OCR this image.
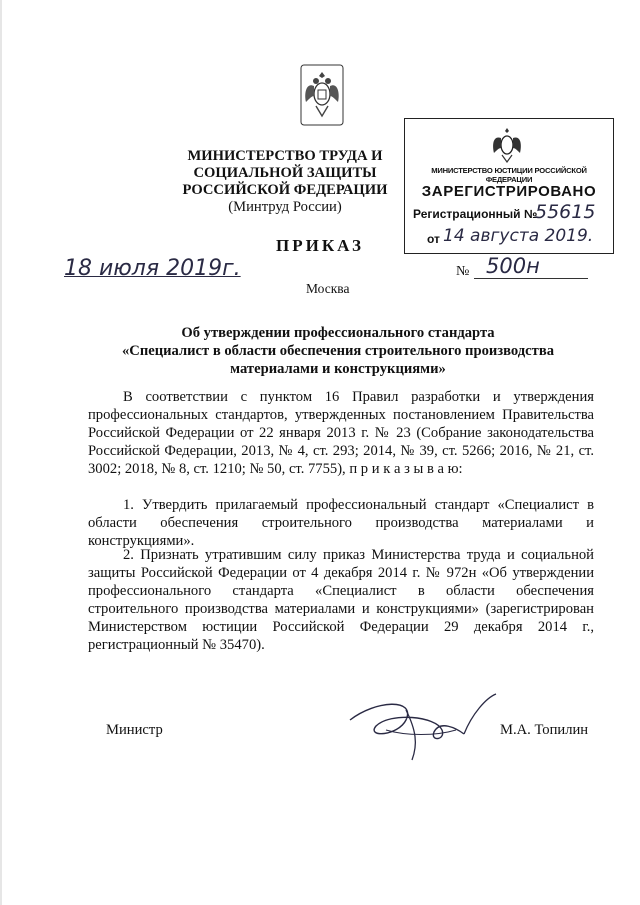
МИНИСТЕРСТВО ТРУДА И СОЦИАЛЬНОЙ ЗАЩИТЫ
РОССИЙСКОЙ ФЕДЕРАЦИИ
(Минтруд России)
МИНИСТЕРСТВО ЮСТИЦИИ РОССИЙСКОЙ ФЕДЕРАЦИИ
ЗАРЕГИСТРИРОВАНО
Регистрационный №
55615
от 14 августа 2019.
ПРИКАЗ
18 июля 2019г.	№ 500н
Москва
Об утверждении профессионального стандарта
«Специалист в области обеспечения строительного производства
материалами и конструкциями»
В соответствии с пунктом 16 Правил разработки и утверждения профессиональных стандартов, утвержденных постановлением Правительства Российской Федерации от 22 января 2013 г. № 23 (Собрание законодательства Российской Федерации, 2013, № 4, ст. 293; 2014, № 39, ст. 5266; 2016, № 21, ст. 3002; 2018, № 8, ст. 1210; № 50, ст. 7755), п р и к а з ы в а ю:
1. Утвердить прилагаемый профессиональный стандарт «Специалист в области обеспечения строительного производства материалами и конструкциями».
2. Признать утратившим силу приказ Министерства труда и социальной защиты Российской Федерации от 4 декабря 2014 г. № 972н «Об утверждении профессионального стандарта «Специалист в области обеспечения строительного производства материалами и конструкциями» (зарегистрирован Министерством юстиции Российской Федерации 29 декабря 2014 г., регистрационный № 35470).
Министр	М.А. Топилин
